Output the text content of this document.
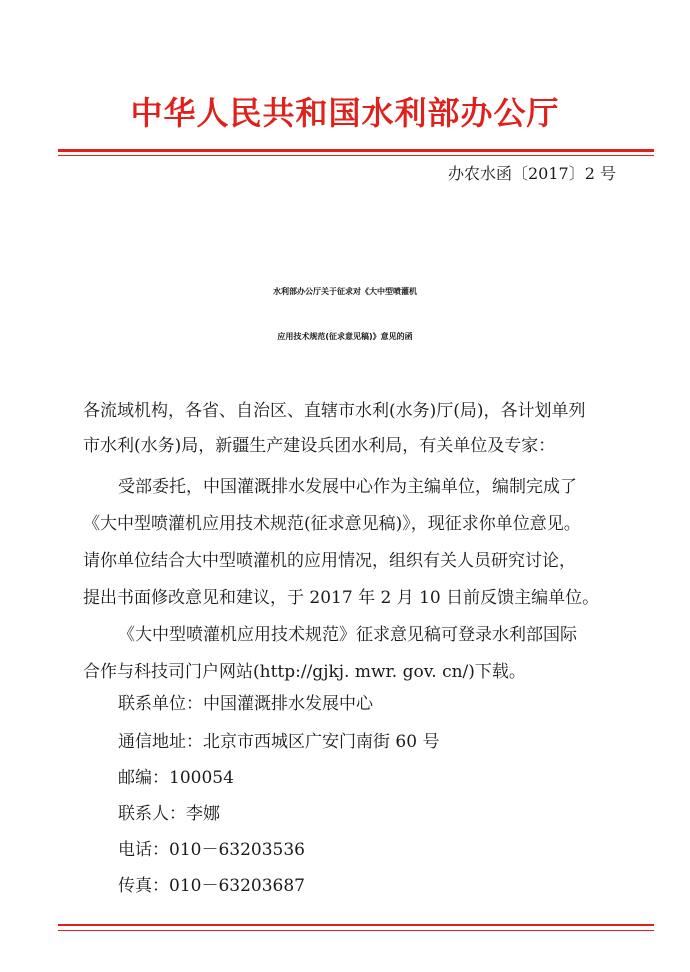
中华人民共和国水利部办公厅
办农水函〔2017〕2 号
水利部办公厅关于征求对《大中型喷灌机
应用技术规范(征求意见稿)》意见的函
各流域机构，各省、自治区、直辖市水利(水务)厅(局)，各计划单列
市水利(水务)局，新疆生产建设兵团水利局，有关单位及专家：
受部委托，中国灌溉排水发展中心作为主编单位，编制完成了
《大中型喷灌机应用技术规范(征求意见稿)》，现征求你单位意见。
请你单位结合大中型喷灌机的应用情况，组织有关人员研究讨论，
提出书面修改意见和建议，于 2017 年 2 月 10 日前反馈主编单位。
《大中型喷灌机应用技术规范》征求意见稿可登录水利部国际
合作与科技司门户网站(http://gjkj. mwr. gov. cn/)下载。
联系单位：中国灌溉排水发展中心
通信地址：北京市西城区广安门南街 60 号
邮编：100054
联系人：李娜
电话：010－63203536
传真：010－63203687
